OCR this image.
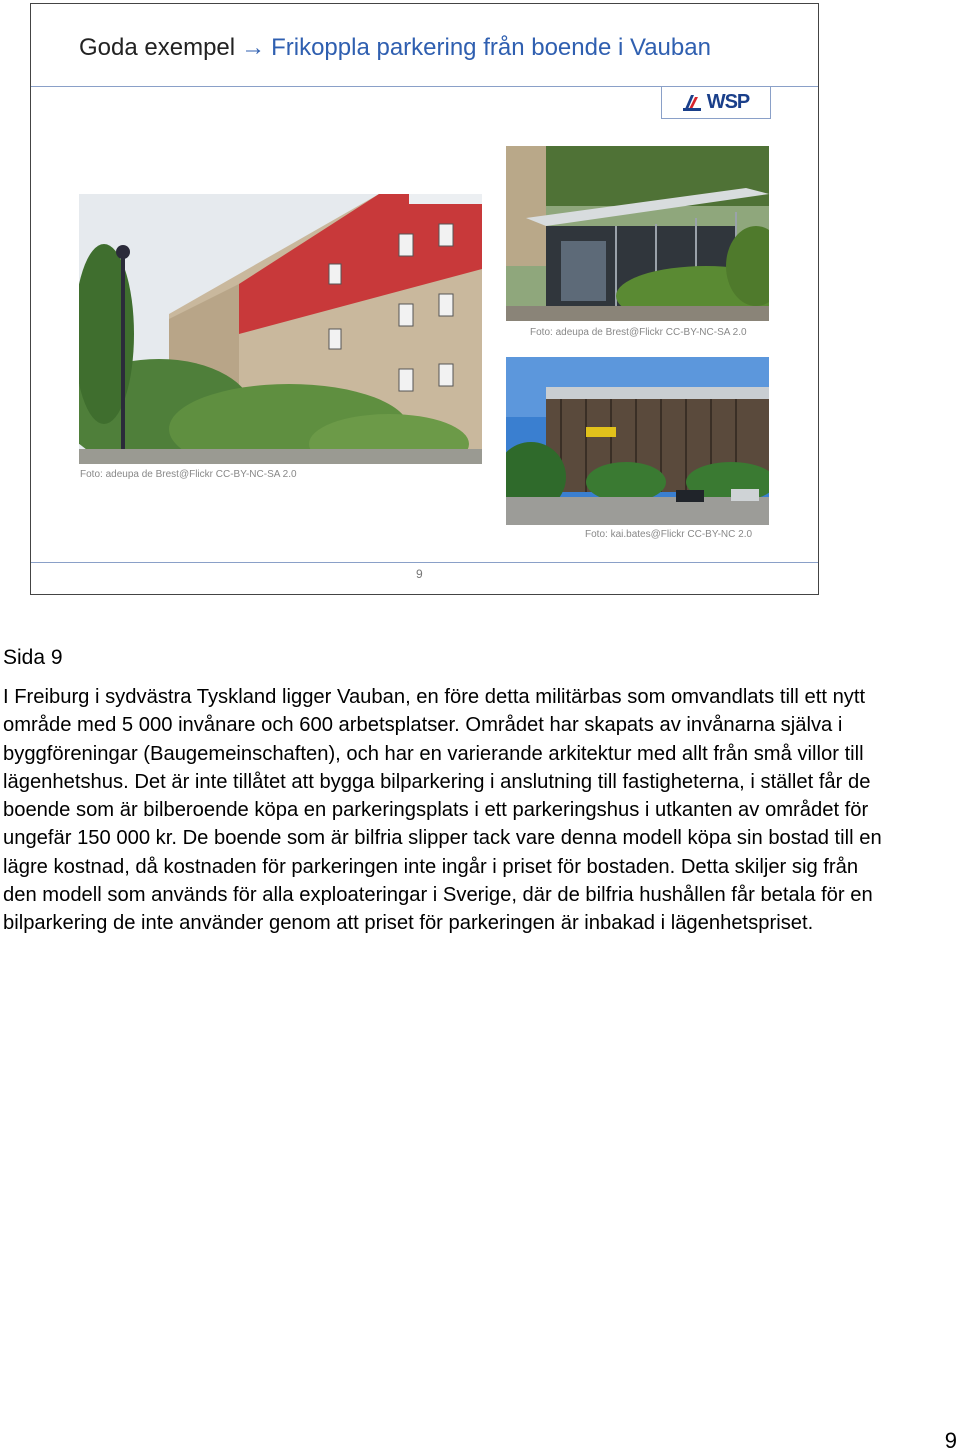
Goda exempel → Frikoppla parkering från boende i Vauban
WSP
Foto: adeupa de Brest@Flickr CC-BY-NC-SA 2.0
Foto: adeupa de Brest@Flickr CC-BY-NC-SA 2.0
Foto: kai.bates@Flickr CC-BY-NC 2.0
9

Sida 9

I Freiburg i sydvästra Tyskland ligger Vauban, en före detta militärbas som omvandlats till ett nytt område med 5 000 invånare och 600 arbetsplatser. Området har skapats av invånarna själva i byggföreningar (Baugemeinschaften), och har en varierande arkitektur med allt från små villor till lägenhetshus. Det är inte tillåtet att bygga bilparkering i anslutning till fastigheterna, i stället får de boende som är bilberoende köpa en parkeringsplats i ett parkeringshus i utkanten av området för ungefär 150 000 kr. De boende som är bilfria slipper tack vare denna modell köpa sin bostad till en lägre kostnad, då kostnaden för parkeringen inte ingår i priset för bostaden. Detta skiljer sig från den modell som används för alla exploateringar i Sverige, där de bilfria hushållen får betala för en bilparkering de inte använder genom att priset för parkeringen är inbakad i lägenhetspriset.

9
